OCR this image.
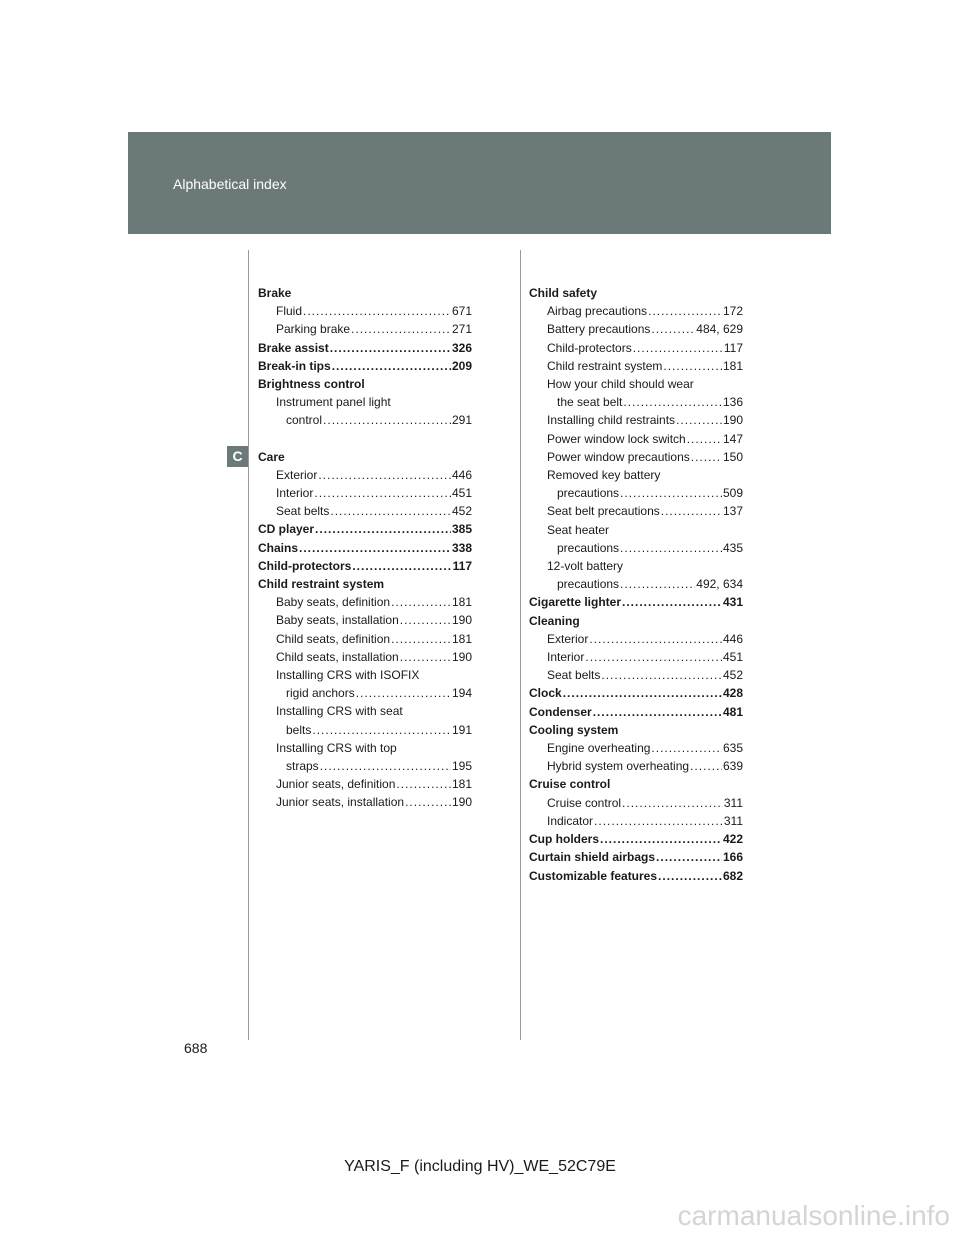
Alphabetical index
C
Brake
Fluid .....	671
Parking brake .....	271
Brake assist .....	326
Break-in tips .....	209
Brightness control
Instrument panel light
control .....	291
Care
Exterior .....	446
Interior .....	451
Seat belts .....	452
CD player .....	385
Chains .....	338
Child-protectors .....	117
Child restraint system
Baby seats, definition .....	181
Baby seats, installation .....	190
Child seats, definition .....	181
Child seats, installation .....	190
Installing CRS with ISOFIX
rigid anchors .....	194
Installing CRS with seat
belts .....	191
Installing CRS with top
straps .....	195
Junior seats, definition .....	181
Junior seats, installation .....	190
Child safety
Airbag precautions .....	172
Battery precautions .....	484, 629
Child-protectors .....	117
Child restraint system .....	181
How your child should wear
the seat belt .....	136
Installing child restraints .....	190
Power window lock switch .....	147
Power window precautions .....	150
Removed key battery
precautions .....	509
Seat belt precautions .....	137
Seat heater
precautions .....	435
12-volt battery
precautions .....	492, 634
Cigarette lighter .....	431
Cleaning
Exterior .....	446
Interior .....	451
Seat belts .....	452
Clock .....	428
Condenser .....	481
Cooling system
Engine overheating .....	635
Hybrid system overheating .....	639
Cruise control
Cruise control .....	311
Indicator .....	311
Cup holders .....	422
Curtain shield airbags .....	166
Customizable features .....	682
688
YARIS_F (including HV)_WE_52C79E
carmanualsonline.info
